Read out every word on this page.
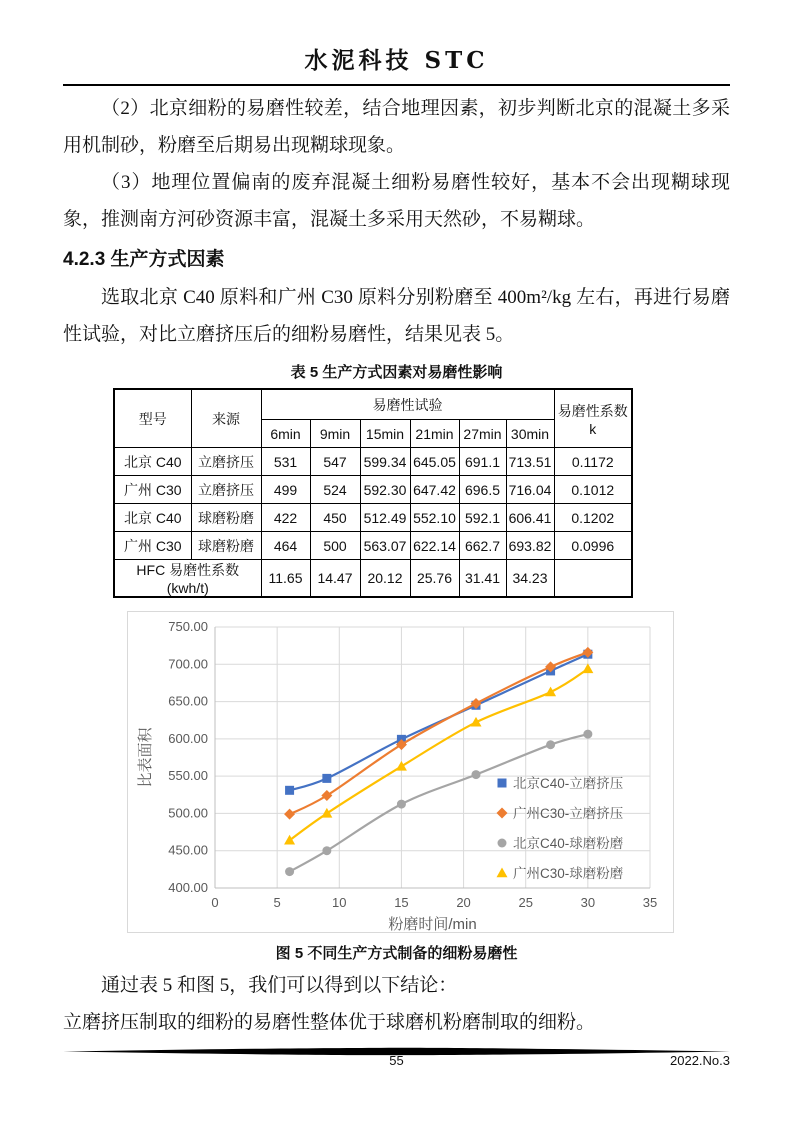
水泥科技 STC

（2）北京细粉的易磨性较差，结合地理因素，初步判断北京的混凝土多采用机制砂，粉磨至后期易出现糊球现象。

（3）地理位置偏南的废弃混凝土细粉易磨性较好，基本不会出现糊球现象，推测南方河砂资源丰富，混凝土多采用天然砂，不易糊球。

4.2.3 生产方式因素

选取北京 C40 原料和广州 C30 原料分别粉磨至 400m²/kg 左右，再进行易磨性试验，对比立磨挤压后的细粉易磨性，结果见表 5。

表 5 生产方式因素对易磨性影响
型号	来源	易磨性试验						易磨性系数 k
		6min	9min	15min	21min	27min	30min	
北京 C40	立磨挤压	531	547	599.34	645.05	691.1	713.51	0.1172
广州 C30	立磨挤压	499	524	592.30	647.42	696.5	716.04	0.1012
北京 C40	球磨粉磨	422	450	512.49	552.10	592.1	606.41	0.1202
广州 C30	球磨粉磨	464	500	563.07	622.14	662.7	693.82	0.0996
HFC 易磨性系数(kwh/t)		11.65	14.47	20.12	25.76	31.41	34.23	
400.00
450.00
500.00
550.00
600.00
650.00
700.00
750.00
0	5	10	15	20	25	30	35
粉磨时间/min
比表面积	北京C40-立磨挤压
广州C30-立磨挤压
北京C40-球磨粉磨
广州C30-球磨粉磨
图 5 不同生产方式制备的细粉易磨性

通过表 5 和图 5，我们可以得到以下结论：

立磨挤压制取的细粉的易磨性整体优于球磨机粉磨制取的细粉。

55	2022.No.3
